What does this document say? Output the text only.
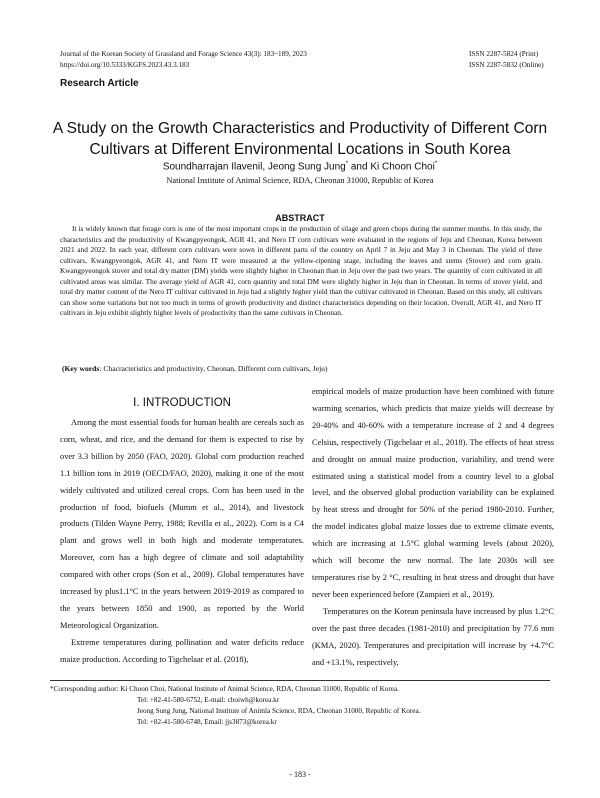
Journal of the Korean Society of Grassland and Forage Science 43(3): 183~189, 2023
https://doi.org/10.5333/KGFS.2023.43.3.183
ISSN 2287-5824 (Print)
ISSN 2287-5832 (Online)
Research Article
A Study on the Growth Characteristics and Productivity of Different Corn
Cultivars at Different Environmental Locations in South Korea
Soundharrajan Ilavenil, Jeong Sung Jung* and Ki Choon Choi*
National Institute of Animal Science, RDA, Cheonan 31000, Republic of Korea
ABSTRACT
It is widely known that forage corn is one of the most important crops in the production of silage and green chops during the summer months. In this study, the characteristics and the productivity of Kwangpyeongok, AGR 41, and Nero IT corn cultivars were evaluated in the regions of Jeju and Cheonan, Korea between 2021 and 2022. In each year, different corn cultivars were sown in different parts of the country on April 7 in Jeju and May 3 in Cheonan. The yield of three cultivars, Kwangpyeongok, AGR 41, and Nero IT were measured at the yellow-ripening stage, including the leaves and stems (Stover) and corn grain. Kwangpyeongok stover and total dry matter (DM) yields were slightly higher in Cheonan than in Jeju over the past two years. The quantity of corn cultivated in all cultivated areas was similar. The average yield of AGR 41, corn quantity and total DM were slightly higher in Jeju than in Cheonan. In terms of stover yield, and total dry matter content of the Nero IT cultivar cultivated in Jeju had a slightly higher yield than the cultivar cultivated in Cheonan. Based on this study, all cultivars can show some variations but not too much in terms of growth productivity and distinct characteristics depending on their location. Overall, AGR 41, and Nero IT cultivars in Jeju exhibit slightly higher levels of productivity than the same cultivars in Cheonan.
(Key words: Chacracteristics and productivity, Cheonan, Different corn cultivars, Jeju)
Ⅰ. INTRODUCTION

Among the most essential foods for human health are cereals such as corn, wheat, and rice, and the demand for them is expected to rise by over 3.3 billion by 2050 (FAO, 2020). Global corn production reached 1.1 billion tons in 2019 (OECD/FAO, 2020), making it one of the most widely cultivated and utilized cereal crops. Corn has been used in the production of food, biofuels (Mumm et al., 2014), and livestock products (Tilden Wayne Perry, 1988; Revilla et al., 2022). Corn is a C4 plant and grows well in both high and moderate temperatures. Moreover, corn has a high degree of climate and soil adaptability compared with other crops (Son et al., 2009). Global temperatures have increased by plus1.1°C in the years between 2019-2019 as compared to the years between 1850 and 1900, as reported by the World Meteorological Organization.

Extreme temperatures during pollination and water deficits reduce maize production. According to Tigchelaar et al. (2018),

empirical models of maize production have been combined with future warming scenarios, which predicts that maize yields will decrease by 20-40% and 40-60% with a temperature increase of 2 and 4 degrees Celsius, respectively (Tigchelaar et al., 2018). The effects of heat stress and drought on annual maize production, variability, and trend were estimated using a statistical model from a country level to a global level, and the observed global production variability can be explained by heat stress and drought for 50% of the period 1980-2010. Further, the model indicates global maize losses due to extreme climate events, which are increasing at 1.5°C global warming levels (about 2020), which will become the new normal. The late 2030s will see temperatures rise by 2 °C, resulting in heat stress and drought that have never been experienced before (Zampieri et al., 2019).

Temperatures on the Korean peninsula have increased by plus 1.2°C over the past three decades (1981-2010) and precipitation by 77.6 mm (KMA, 2020). Temperatures and precipitation will increase by +4.7°C and +13.1%, respectively,

*Corresponding author: Ki Choon Choi, National Institute of Animal Science, RDA, Cheonan 31000, Republic of Korea.
Tel: +82-41-580-6752, E-mail: choiwh@korea.kr
Jeong Sung Jung, National Institute of Animla Science, RDA, Cheonan 31000, Republic of Korea.
Tel: +82-41-580-6748, Email: jjs3873@korea.kr
- 183 -
